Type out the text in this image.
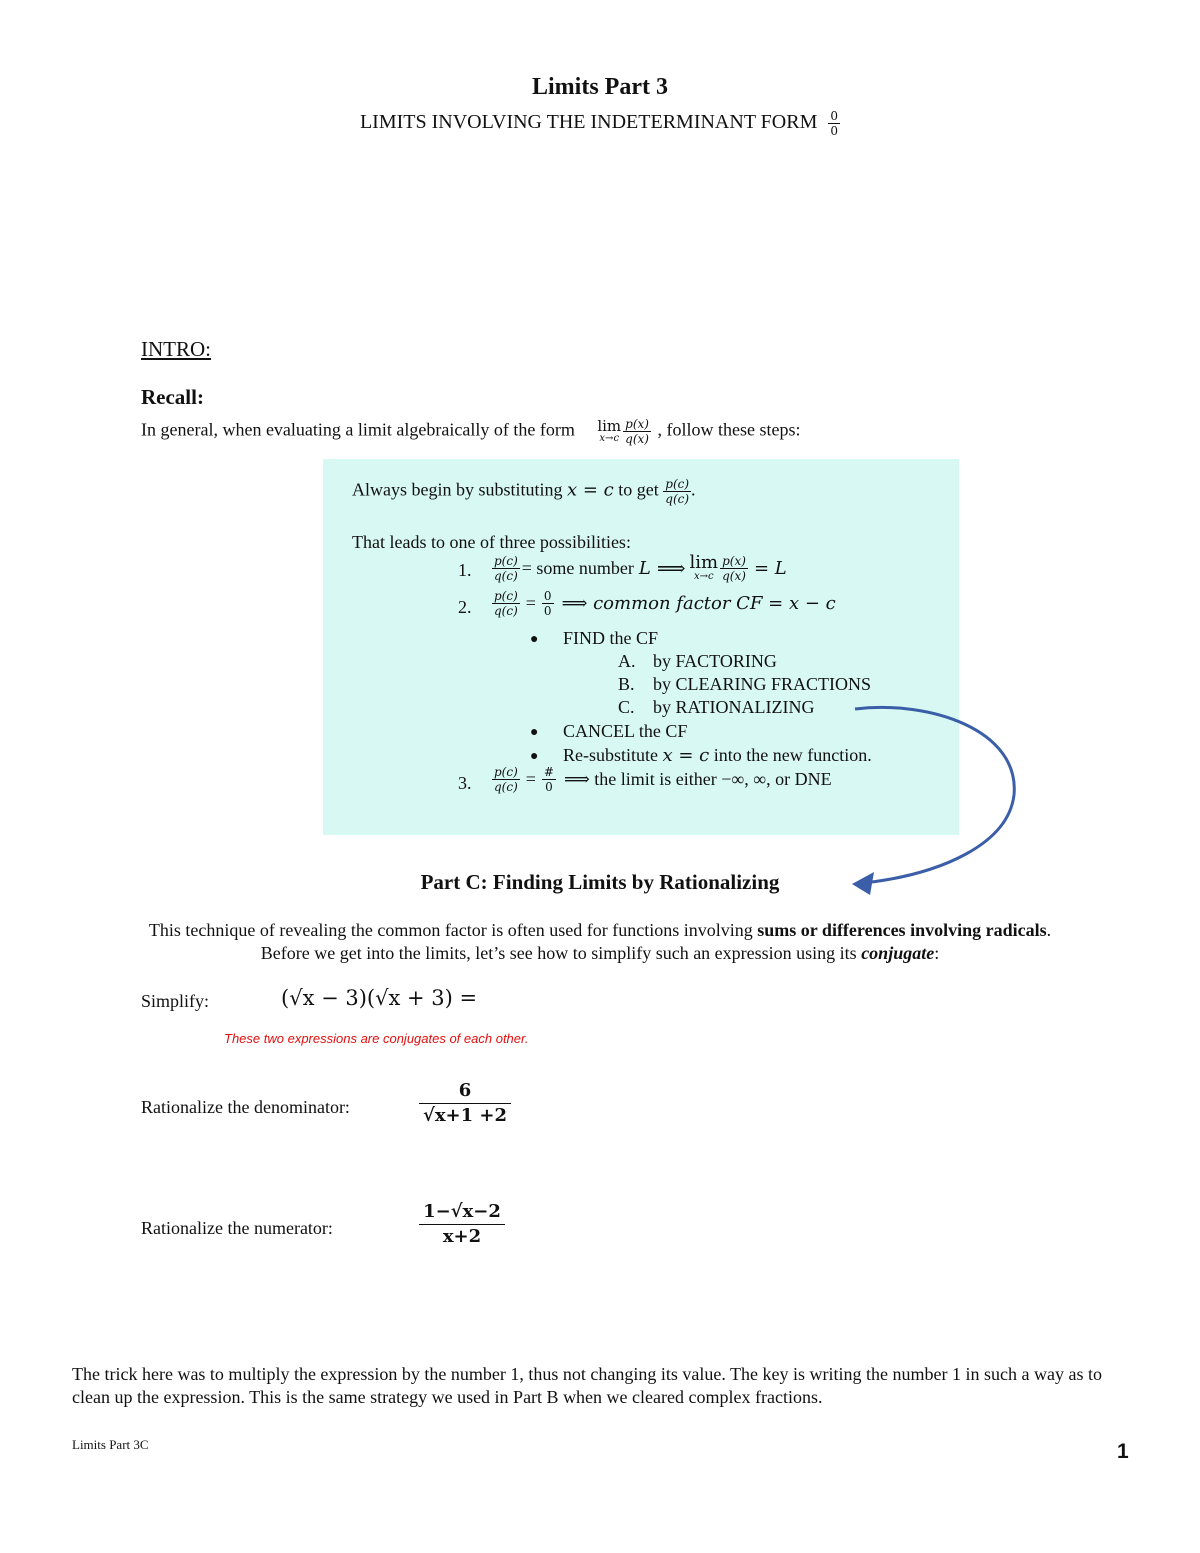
Limits Part 3
LIMITS INVOLVING THE INDETERMINANT FORM $\frac{0}{0}$
INTRO:
Recall:
In general, when evaluating a limit algebraically of the form lim
$x\to c \frac{p(x)}{q(x)}$ , follow these steps:
Always begin by substituting x = c to get $\frac{p(c)}{q(c)}$ .
That leads to one of three possibilities:
1. $\frac{p(c)}{q(c)}$ = some number L ⟹ lim
$x\to c \frac{p(x)}{q(x)} = L$
2. $\frac{p(c)}{q(c)} = \frac{0}{0}$ ⟹ common factor CF = x − c
● FIND the CF
A. by FACTORING
B. by CLEARING FRACTIONS
C. by RATIONALIZING
● CANCEL the CF
● Re-substitute x = c into the new function.
3. $\frac{p(c)}{q(c)} = \frac{\#}{0}$ ⟹ the limit is either −∞, ∞, or DNE
Part C: Finding Limits by Rationalizing
This technique of revealing the common factor is often used for functions involving sums or differences involving radicals.
Before we get into the limits, let’s see how to simplify such an expression using its conjugate:
Simplify:	(√x − 3)(√x + 3) =
These two expressions are conjugates of each other.
Rationalize the denominator:	$\frac{6}{√x+1 +2}$
Rationalize the numerator:	$\frac{1-√x-2}{x+2}$
The trick here was to multiply the expression by the number 1, thus not changing its value. The key is writing the number 1 in such a way as to clean up the expression. This is the same strategy we used in Part B when we cleared complex fractions.
Limits Part 3C	1
